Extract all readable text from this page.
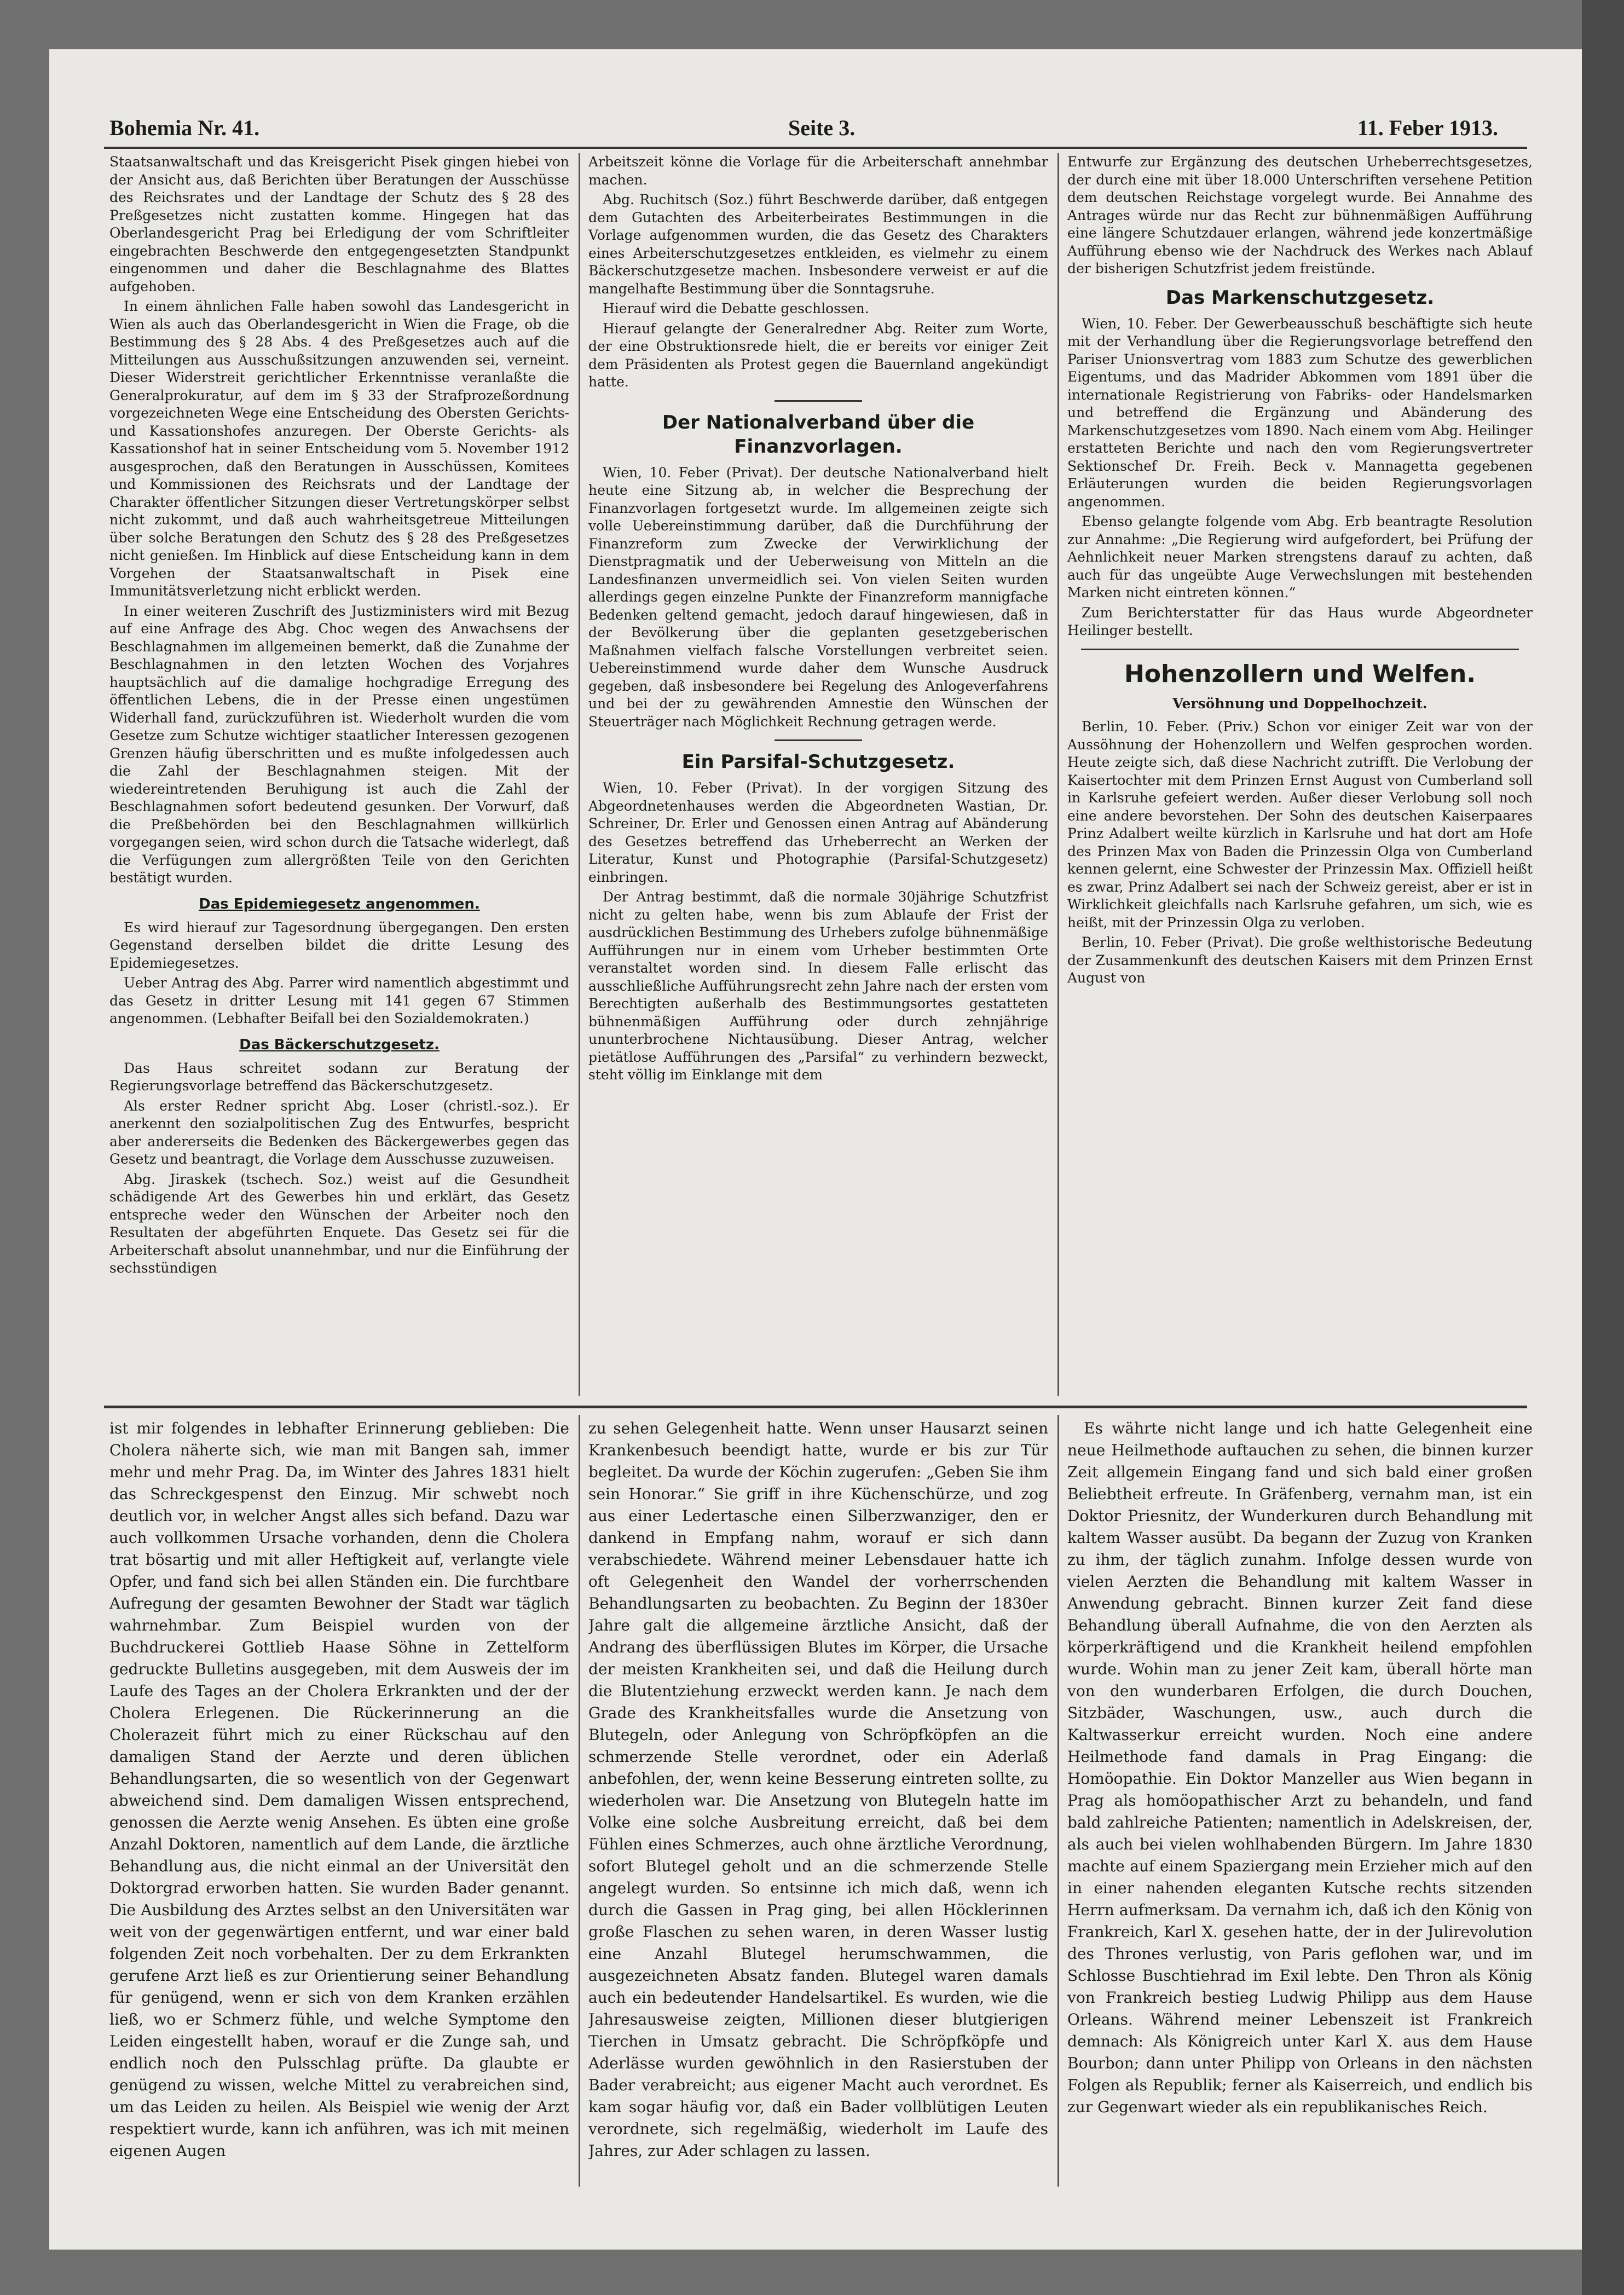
Bohemia Nr. 41.	Seite 3.	11. Feber 1913.

Staatsanwaltschaft und das Kreisgericht Pisek gingen hiebei von der Ansicht aus, daß Berichten über Beratungen der Ausschüsse des Reichsrates und der Landtage der Schutz des § 28 des Preßgesetzes nicht zustatten komme. Hingegen hat das Oberlandesgericht Prag bei Erledigung der vom Schriftleiter eingebrachten Beschwerde den entgegengesetzten Standpunkt eingenommen und daher die Beschlagnahme des Blattes aufgehoben.

In einem ähnlichen Falle haben sowohl das Landesgericht in Wien als auch das Oberlandesgericht in Wien die Frage, ob die Bestimmung des § 28 Abs. 4 des Preßgesetzes auch auf die Mitteilungen aus Ausschußsitzungen anzuwenden sei, verneint. Dieser Widerstreit gerichtlicher Erkenntnisse veranlaßte die Generalprokuratur, auf dem im § 33 der Strafprozeßordnung vorgezeichneten Wege eine Entscheidung des Obersten Gerichts- und Kassationshofes anzuregen. Der Oberste Gerichts- als Kassationshof hat in seiner Entscheidung vom 5. November 1912 ausgesprochen, daß den Beratungen in Ausschüssen, Komitees und Kommissionen des Reichsrats und der Landtage der Charakter öffentlicher Sitzungen dieser Vertretungskörper selbst nicht zukommt, und daß auch wahrheitsgetreue Mitteilungen über solche Beratungen den Schutz des § 28 des Preßgesetzes nicht genießen. Im Hinblick auf diese Entscheidung kann in dem Vorgehen der Staatsanwaltschaft in Pisek eine Immunitätsverletzung nicht erblickt werden.

In einer weiteren Zuschrift des Justizministers wird mit Bezug auf eine Anfrage des Abg. Choc wegen des Anwachsens der Beschlagnahmen im allgemeinen bemerkt, daß die Zunahme der Beschlagnahmen in den letzten Wochen des Vorjahres hauptsächlich auf die damalige hochgradige Erregung des öffentlichen Lebens, die in der Presse einen ungestümen Widerhall fand, zurückzuführen ist. Wiederholt wurden die vom Gesetze zum Schutze wichtiger staatlicher Interessen gezogenen Grenzen häufig überschritten und es mußte infolgedessen auch die Zahl der Beschlagnahmen steigen. Mit der wiedereintretenden Beruhigung ist auch die Zahl der Beschlagnahmen sofort bedeutend gesunken. Der Vorwurf, daß die Preßbehörden bei den Beschlagnahmen willkürlich vorgegangen seien, wird schon durch die Tatsache widerlegt, daß die Verfügungen zum allergrößten Teile von den Gerichten bestätigt wurden.

Das Epidemiegesetz angenommen.

Es wird hierauf zur Tagesordnung übergegangen. Den ersten Gegenstand derselben bildet die dritte Lesung des Epidemiegesetzes.

Ueber Antrag des Abg. Parrer wird namentlich abgestimmt und das Gesetz in dritter Lesung mit 141 gegen 67 Stimmen angenommen. (Lebhafter Beifall bei den Sozialdemokraten.)

Das Bäckerschutzgesetz.

Das Haus schreitet sodann zur Beratung der Regierungsvorlage betreffend das Bäckerschutzgesetz.

Als erster Redner spricht Abg. Loser (christl.-soz.). Er anerkennt den sozialpolitischen Zug des Entwurfes, bespricht aber andererseits die Bedenken des Bäckergewerbes gegen das Gesetz und beantragt, die Vorlage dem Ausschusse zuzuweisen.

Abg. Jiraskek (tschech. Soz.) weist auf die Gesundheit schädigende Art des Gewerbes hin und erklärt, das Gesetz entspreche weder den Wünschen der Arbeiter noch den Resultaten der abgeführten Enquete. Das Gesetz sei für die Arbeiterschaft absolut unannehmbar, und nur die Einführung der sechsstündigen

Arbeitszeit könne die Vorlage für die Arbeiterschaft annehmbar machen.

Abg. Ruchitsch (Soz.) führt Beschwerde darüber, daß entgegen dem Gutachten des Arbeiterbeirates Bestimmungen in die Vorlage aufgenommen wurden, die das Gesetz des Charakters eines Arbeiterschutzgesetzes entkleiden, es vielmehr zu einem Bäckerschutzgesetze machen. Insbesondere verweist er auf die mangelhafte Bestimmung über die Sonntagsruhe.

Hierauf wird die Debatte geschlossen.

Hierauf gelangte der Generalredner Abg. Reiter zum Worte, der eine Obstruktionsrede hielt, die er bereits vor einiger Zeit dem Präsidenten als Protest gegen die Bauernland angekündigt hatte.

Der Nationalverband über die Finanzvorlagen.

Wien, 10. Feber (Privat). Der deutsche Nationalverband hielt heute eine Sitzung ab, in welcher die Besprechung der Finanzvorlagen fortgesetzt wurde. Im allgemeinen zeigte sich volle Uebereinstimmung darüber, daß die Durchführung der Finanzreform zum Zwecke der Verwirklichung der Dienstpragmatik und der Ueberweisung von Mitteln an die Landesfinanzen unvermeidlich sei. Von vielen Seiten wurden allerdings gegen einzelne Punkte der Finanzreform mannigfache Bedenken geltend gemacht, jedoch darauf hingewiesen, daß in der Bevölkerung über die geplanten gesetzgeberischen Maßnahmen vielfach falsche Vorstellungen verbreitet seien. Uebereinstimmend wurde daher dem Wunsche Ausdruck gegeben, daß insbesondere bei Regelung des Anlogeverfahrens und bei der zu gewährenden Amnestie den Wünschen der Steuerträger nach Möglichkeit Rechnung getragen werde.

Ein Parsifal-Schutzgesetz.

Wien, 10. Feber (Privat). In der vorgigen Sitzung des Abgeordnetenhauses werden die Abgeordneten Wastian, Dr. Schreiner, Dr. Erler und Genossen einen Antrag auf Abänderung des Gesetzes betreffend das Urheberrecht an Werken der Literatur, Kunst und Photographie (Parsifal-Schutzgesetz) einbringen.

Der Antrag bestimmt, daß die normale 30jährige Schutzfrist nicht zu gelten habe, wenn bis zum Ablaufe der Frist der ausdrücklichen Bestimmung des Urhebers zufolge bühnenmäßige Aufführungen nur in einem vom Urheber bestimmten Orte veranstaltet worden sind. In diesem Falle erlischt das ausschließliche Aufführungsrecht zehn Jahre nach der ersten vom Berechtigten außerhalb des Bestimmungsortes gestatteten bühnenmäßigen Aufführung oder durch zehnjährige ununterbrochene Nichtausübung. Dieser Antrag, welcher pietätlose Aufführungen des „Parsifal“ zu verhindern bezweckt, steht völlig im Einklange mit dem

Entwurfe zur Ergänzung des deutschen Urheberrechtsgesetzes, der durch eine mit über 18.000 Unterschriften versehene Petition dem deutschen Reichstage vorgelegt wurde. Bei Annahme des Antrages würde nur das Recht zur bühnenmäßigen Aufführung eine längere Schutzdauer erlangen, während jede konzertmäßige Aufführung ebenso wie der Nachdruck des Werkes nach Ablauf der bisherigen Schutzfrist jedem freistünde.

Das Markenschutzgesetz.

Wien, 10. Feber. Der Gewerbeausschuß beschäftigte sich heute mit der Verhandlung über die Regierungsvorlage betreffend den Pariser Unionsvertrag vom 1883 zum Schutze des gewerblichen Eigentums, und das Madrider Abkommen vom 1891 über die internationale Registrierung von Fabriks- oder Handelsmarken und betreffend die Ergänzung und Abänderung des Markenschutzgesetzes vom 1890. Nach einem vom Abg. Heilinger erstatteten Berichte und nach den vom Regierungsvertreter Sektionschef Dr. Freih. Beck v. Mannagetta gegebenen Erläuterungen wurden die beiden Regierungsvorlagen angenommen.

Ebenso gelangte folgende vom Abg. Erb beantragte Resolution zur Annahme: „Die Regierung wird aufgefordert, bei Prüfung der Aehnlichkeit neuer Marken strengstens darauf zu achten, daß auch für das ungeübte Auge Verwechslungen mit bestehenden Marken nicht eintreten können.“

Zum Berichterstatter für das Haus wurde Abgeordneter Heilinger bestellt.

Hohenzollern und Welfen.
Versöhnung und Doppelhochzeit.

Berlin, 10. Feber. (Priv.) Schon vor einiger Zeit war von der Aussöhnung der Hohenzollern und Welfen gesprochen worden. Heute zeigte sich, daß diese Nachricht zutrifft. Die Verlobung der Kaisertochter mit dem Prinzen Ernst August von Cumberland soll in Karlsruhe gefeiert werden. Außer dieser Verlobung soll noch eine andere bevorstehen. Der Sohn des deutschen Kaiserpaares Prinz Adalbert weilte kürzlich in Karlsruhe und hat dort am Hofe des Prinzen Max von Baden die Prinzessin Olga von Cumberland kennen gelernt, eine Schwester der Prinzessin Max. Offiziell heißt es zwar, Prinz Adalbert sei nach der Schweiz gereist, aber er ist in Wirklichkeit gleichfalls nach Karlsruhe gefahren, um sich, wie es heißt, mit der Prinzessin Olga zu verloben.

Berlin, 10. Feber (Privat). Die große welthistorische Bedeutung der Zusammenkunft des deutschen Kaisers mit dem Prinzen Ernst August von

ist mir folgendes in lebhafter Erinnerung geblieben: Die Cholera näherte sich, wie man mit Bangen sah, immer mehr und mehr Prag. Da, im Winter des Jahres 1831 hielt das Schreckgespenst den Einzug. Mir schwebt noch deutlich vor, in welcher Angst alles sich befand. Dazu war auch vollkommen Ursache vorhanden, denn die Cholera trat bösartig und mit aller Heftigkeit auf, verlangte viele Opfer, und fand sich bei allen Ständen ein. Die furchtbare Aufregung der gesamten Bewohner der Stadt war täglich wahrnehmbar. Zum Beispiel wurden von der Buchdruckerei Gottlieb Haase Söhne in Zettelform gedruckte Bulletins ausgegeben, mit dem Ausweis der im Laufe des Tages an der Cholera Erkrankten und der der Cholera Erlegenen. Die Rückerinnerung an die Cholerazeit führt mich zu einer Rückschau auf den damaligen Stand der Aerzte und deren üblichen Behandlungsarten, die so wesentlich von der Gegenwart abweichend sind. Dem damaligen Wissen entsprechend, genossen die Aerzte wenig Ansehen. Es übten eine große Anzahl Doktoren, namentlich auf dem Lande, die ärztliche Behandlung aus, die nicht einmal an der Universität den Doktorgrad erworben hatten. Sie wurden Bader genannt. Die Ausbildung des Arztes selbst an den Universitäten war weit von der gegenwärtigen entfernt, und war einer bald folgenden Zeit noch vorbehalten. Der zu dem Erkrankten gerufene Arzt ließ es zur Orientierung seiner Behandlung für genügend, wenn er sich von dem Kranken erzählen ließ, wo er Schmerz fühle, und welche Symptome den Leiden eingestellt haben, worauf er die Zunge sah, und endlich noch den Pulsschlag prüfte. Da glaubte er genügend zu wissen, welche Mittel zu verabreichen sind, um das Leiden zu heilen. Als Beispiel wie wenig der Arzt respektiert wurde, kann ich anführen, was ich mit meinen eigenen Augen

zu sehen Gelegenheit hatte. Wenn unser Hausarzt seinen Krankenbesuch beendigt hatte, wurde er bis zur Tür begleitet. Da wurde der Köchin zugerufen: „Geben Sie ihm sein Honorar.“ Sie griff in ihre Küchenschürze, und zog aus einer Ledertasche einen Silberzwanziger, den er dankend in Empfang nahm, worauf er sich dann verabschiedete. Während meiner Lebensdauer hatte ich oft Gelegenheit den Wandel der vorherrschenden Behandlungsarten zu beobachten. Zu Beginn der 1830er Jahre galt die allgemeine ärztliche Ansicht, daß der Andrang des überflüssigen Blutes im Körper, die Ursache der meisten Krankheiten sei, und daß die Heilung durch die Blutentziehung erzweckt werden kann. Je nach dem Grade des Krankheitsfalles wurde die Ansetzung von Blutegeln, oder Anlegung von Schröpfköpfen an die schmerzende Stelle verordnet, oder ein Aderlaß anbefohlen, der, wenn keine Besserung eintreten sollte, zu wiederholen war. Die Ansetzung von Blutegeln hatte im Volke eine solche Ausbreitung erreicht, daß bei dem Fühlen eines Schmerzes, auch ohne ärztliche Verordnung, sofort Blutegel geholt und an die schmerzende Stelle angelegt wurden. So entsinne ich mich daß, wenn ich durch die Gassen in Prag ging, bei allen Höcklerinnen große Flaschen zu sehen waren, in deren Wasser lustig eine Anzahl Blutegel herumschwammen, die ausgezeichneten Absatz fanden. Blutegel waren damals auch ein bedeutender Handelsartikel. Es wurden, wie die Jahresausweise zeigten, Millionen dieser blutgierigen Tierchen in Umsatz gebracht. Die Schröpfköpfe und Aderlässe wurden gewöhnlich in den Rasierstuben der Bader verabreicht; aus eigener Macht auch verordnet. Es kam sogar häufig vor, daß ein Bader vollblütigen Leuten verordnete, sich regelmäßig, wiederholt im Laufe des Jahres, zur Ader schlagen zu lassen.

Es währte nicht lange und ich hatte Gelegenheit eine neue Heilmethode auftauchen zu sehen, die binnen kurzer Zeit allgemein Eingang fand und sich bald einer großen Beliebtheit erfreute. In Gräfenberg, vernahm man, ist ein Doktor Priesnitz, der Wunderkuren durch Behandlung mit kaltem Wasser ausübt. Da begann der Zuzug von Kranken zu ihm, der täglich zunahm. Infolge dessen wurde von vielen Aerzten die Behandlung mit kaltem Wasser in Anwendung gebracht. Binnen kurzer Zeit fand diese Behandlung überall Aufnahme, die von den Aerzten als körperkräftigend und die Krankheit heilend empfohlen wurde. Wohin man zu jener Zeit kam, überall hörte man von den wunderbaren Erfolgen, die durch Douchen, Sitzbäder, Waschungen, usw., auch durch die Kaltwasserkur erreicht wurden. Noch eine andere Heilmethode fand damals in Prag Eingang: die Homöopathie. Ein Doktor Manzeller aus Wien begann in Prag als homöopathischer Arzt zu behandeln, und fand bald zahlreiche Patienten; namentlich in Adelskreisen, der, als auch bei vielen wohlhabenden Bürgern. Im Jahre 1830 machte auf einem Spaziergang mein Erzieher mich auf den in einer nahenden eleganten Kutsche rechts sitzenden Herrn aufmerksam. Da vernahm ich, daß ich den König von Frankreich, Karl X. gesehen hatte, der in der Julirevolution des Thrones verlustig, von Paris geflohen war, und im Schlosse Buschtiehrad im Exil lebte. Den Thron als König von Frankreich bestieg Ludwig Philipp aus dem Hause Orleans. Während meiner Lebenszeit ist Frankreich demnach: Als Königreich unter Karl X. aus dem Hause Bourbon; dann unter Philipp von Orleans in den nächsten Folgen als Republik; ferner als Kaiserreich, und endlich bis zur Gegenwart wieder als ein republikanisches Reich.
